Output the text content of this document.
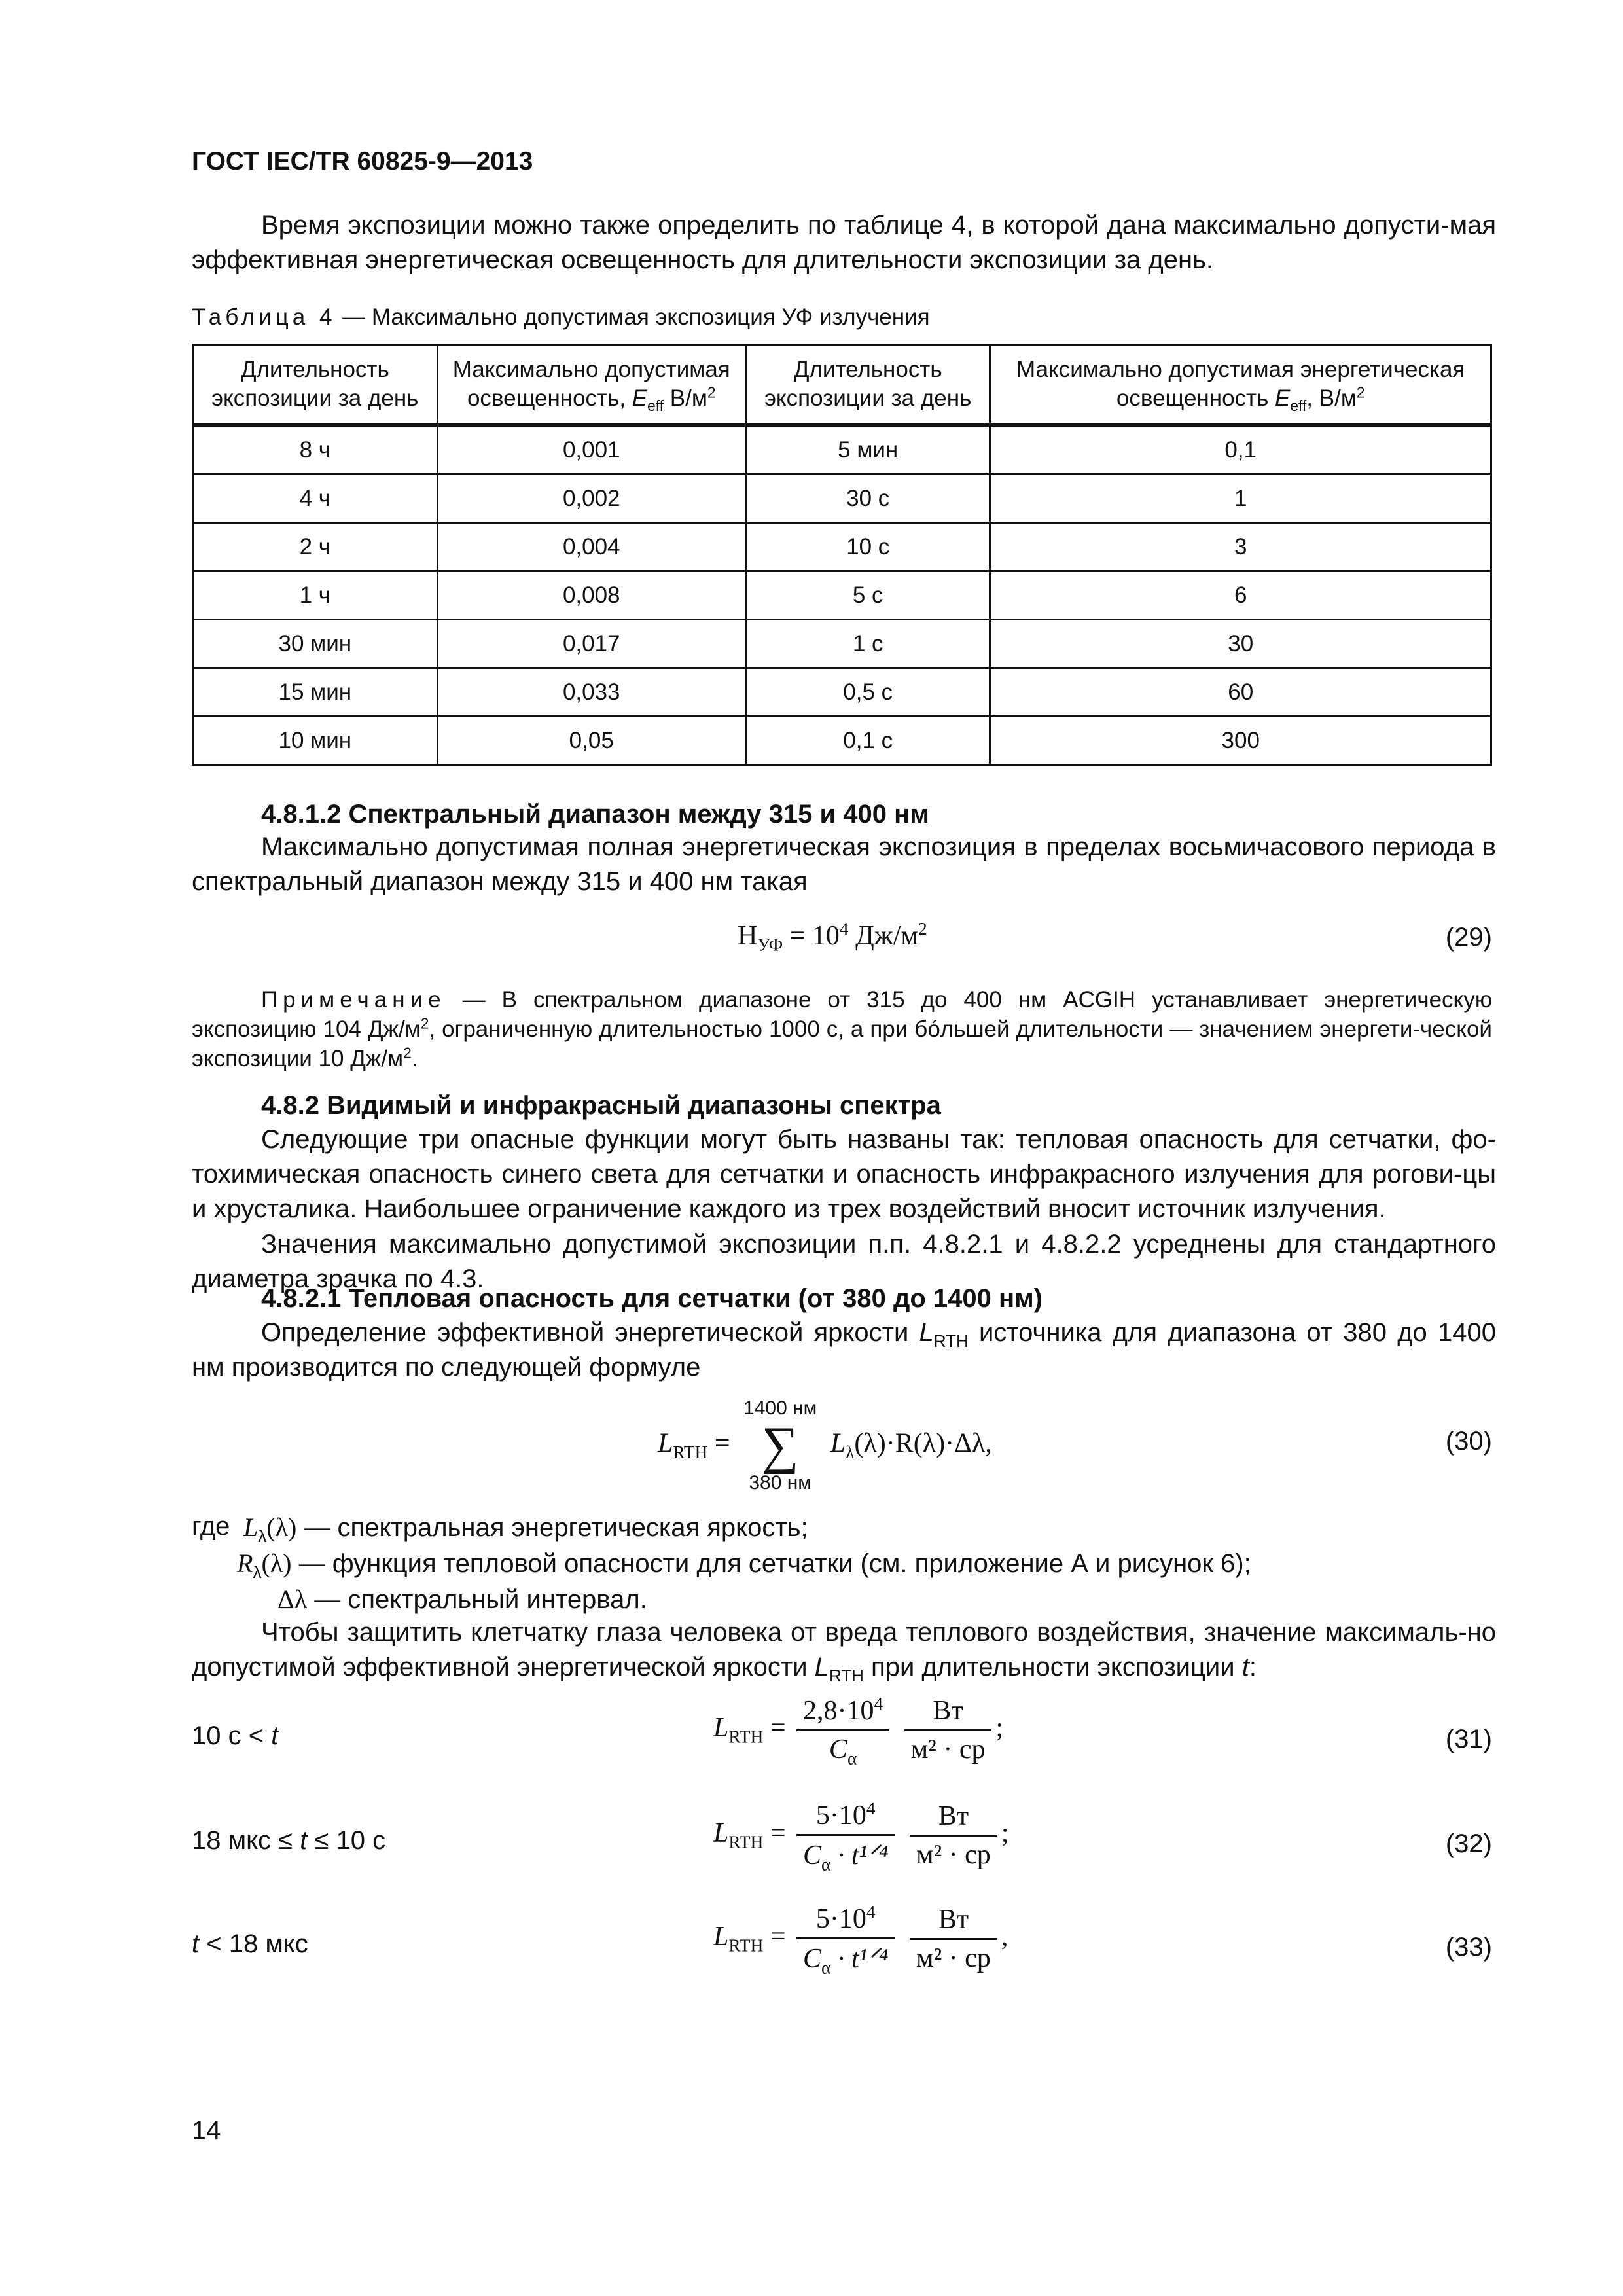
ГОСТ IEC/TR 60825-9—2013
Время экспозиции можно также определить по таблице 4, в которой дана максимально допусти-мая эффективная энергетическая освещенность для длительности экспозиции за день.
Таблица 4 — Максимально допустимая экспозиция УФ излучения
Длительность экспозиции за день	Максимально допустимая освещенность, $E_{eff}$ $В/м^2$	Длительность экспозиции за день	Максимально допустимая энергетическая освещенность $E_{eff}$, $В/м^2$
8 ч	0,001	5 мин	0,1
4 ч	0,002	30 с	1
2 ч	0,004	10 с	3
1 ч	0,008	5 с	6
30 мин	0,017	1 с	30
15 мин	0,033	0,5 с	60
10 мин	0,05	0,1 с	300
4.8.1.2 Спектральный диапазон между 315 и 400 нм
Максимально допустимая полная энергетическая экспозиция в пределах восьмичасового периода в спектральный диапазон между 315 и 400 нм такая
$H_{УФ} = 10^4$ $Дж/м^2$	(29)
Примечание — В спектральном диапазоне от 315 до 400 нм ACGIH устанавливает энергетическую экспозицию 104 $Дж/м^2$, ограниченную длительностью 1000 с, а при бóльшей длительности — значением энергети-ческой экспозиции 10 $Дж/м^2$.
4.8.2 Видимый и инфракрасный диапазоны спектра
Следующие три опасные функции могут быть названы так: тепловая опасность для сетчатки, фо-тохимическая опасность синего света для сетчатки и опасность инфракрасного излучения для рогови-цы и хрусталика. Наибольшее ограничение каждого из трех воздействий вносит источник излучения.
Значения максимально допустимой экспозиции п.п. 4.8.2.1 и 4.8.2.2 усреднены для стандартного диаметра зрачка по 4.3.
4.8.2.1 Тепловая опасность для сетчатки (от 380 до 1400 нм)
Определение эффективной энергетической яркости $L_{RTH}$ источника для диапазона от 380 до 1400 нм производится по следующей формуле
$L_{RTH}$ =
1400 нм
∑
380 нм
$L_\lambda(\lambda)\cdot R(\lambda)\cdot\Delta\lambda$,	(30)
где $L_\lambda(\lambda)$ — спектральная энергетическая яркость;
$R_\lambda(\lambda)$ — функция тепловой опасности для сетчатки (см. приложение А и рисунок 6);
Δλ — спектральный интервал.
Чтобы защитить клетчатку глаза человека от вреда теплового воздействия, значение максималь-но допустимой эффективной энергетической яркости $L_{RTH}$ при длительности экспозиции t:
10 с < t	$L_{RTH} = \frac{2,8\cdot 10^4}{C_\alpha}$
$\frac{Вт}{\text{м² · ср}}$ ;	(31)
18 мкс ≤ t ≤ 10 с	$L_{RTH} = \frac{5\cdot 10^4}{C_\alpha \cdot t^1ᐟ^4}$
$\frac{Вт}{\text{м² · ср}}$ ;	(32)
t < 18 мкс	$L_{RTH} = \frac{5\cdot 10^4}{C_\alpha \cdot t^1ᐟ^4}$
$\frac{Вт}{\text{м² · ср}}$ ,	(33)
14
